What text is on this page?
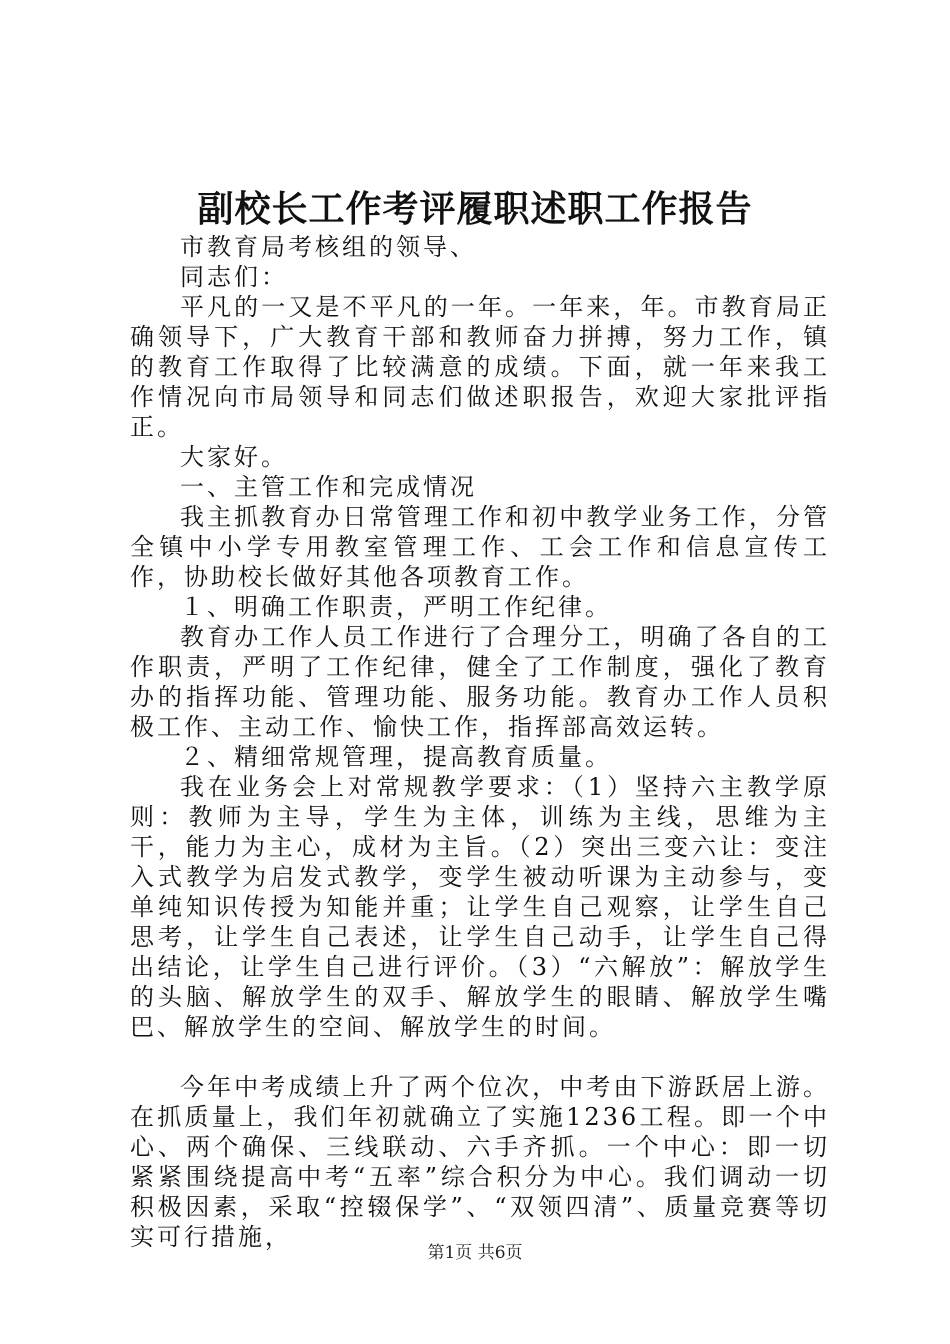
副校长工作考评履职述职工作报告

市教育局考核组的领导、

同志们：

平凡的一又是不平凡的一年。一年来，年。市教育局正确领导下，广大教育干部和教师奋力拼搏，努力工作，镇的教育工作取得了比较满意的成绩。下面，就一年来我工作情况向市局领导和同志们做述职报告，欢迎大家批评指正。

大家好。

一、主管工作和完成情况

我主抓教育办日常管理工作和初中教学业务工作，分管全镇中小学专用教室管理工作、工会工作和信息宣传工作，协助校长做好其他各项教育工作。

１、明确工作职责，严明工作纪律。

教育办工作人员工作进行了合理分工，明确了各自的工作职责，严明了工作纪律，健全了工作制度，强化了教育办的指挥功能、管理功能、服务功能。教育办工作人员积极工作、主动工作、愉快工作，指挥部高效运转。

２、精细常规管理，提高教育质量。

我在业务会上对常规教学要求：（1）坚持六主教学原则：教师为主导，学生为主体，训练为主线，思维为主干，能力为主心，成材为主旨。（2）突出三变六让：变注入式教学为启发式教学，变学生被动听课为主动参与，变单纯知识传授为知能并重；让学生自己观察，让学生自己思考，让学生自己表述，让学生自己动手，让学生自己得出结论，让学生自己进行评价。（3）“六解放”：解放学生的头脑、解放学生的双手、解放学生的眼睛、解放学生嘴巴、解放学生的空间、解放学生的时间。

今年中考成绩上升了两个位次，中考由下游跃居上游。在抓质量上，我们年初就确立了实施1236工程。即一个中心、两个确保、三线联动、六手齐抓。一个中心：即一切紧紧围绕提高中考“五率”综合积分为中心。我们调动一切积极因素，采取“控辍保学”、“双领四清”、质量竞赛等切实可行措施，

第1页 共6页
